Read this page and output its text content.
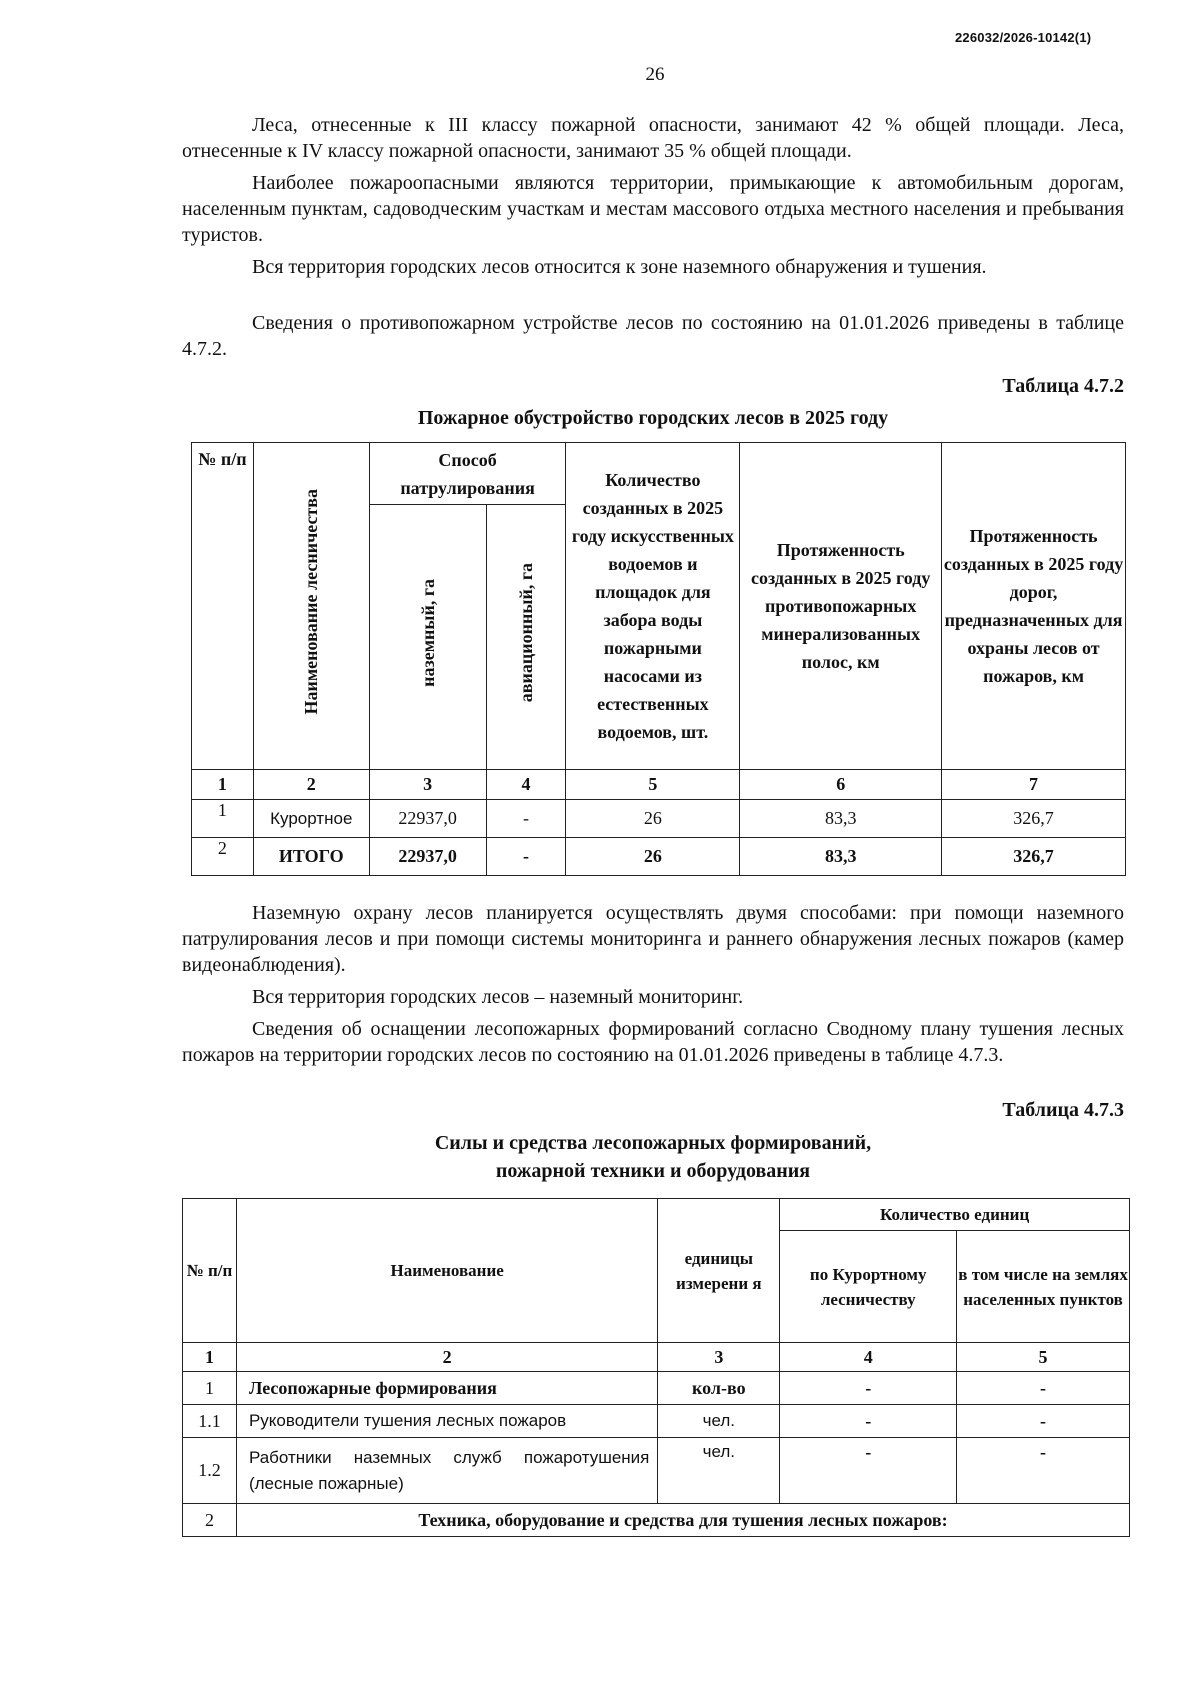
226032/2026-10142(1)
26

Леса, отнесенные к III классу пожарной опасности, занимают 42 % общей площади. Леса, отнесенные к IV классу пожарной опасности, занимают 35 % общей площади.

Наиболее пожароопасными являются территории, примыкающие к автомобильным дорогам, населенным пунктам, садоводческим участкам и местам массового отдыха местного населения и пребывания туристов.

Вся территория городских лесов относится к зоне наземного обнаружения и тушения.

Сведения о противопожарном устройстве лесов по состоянию на 01.01.2026 приведены в таблице 4.7.2.

Таблица 4.7.2
Пожарное обустройство городских лесов в 2025 году
№ п/п	Наименование лесничества	Способ патрулирования		Количество созданных в 2025 году искусственных водоемов и площадок для забора воды пожарными насосами из естественных водоемов, шт.	Протяженность созданных в 2025 году противопожарных минерализованных полос, км	Протяженность созданных в 2025 году дорог, предназначенных для охраны лесов от пожаров, км
		наземный, га	авиационный, га			
1	2	3	4	5	6	7
1	Курортное	22937,0	-	26	83,3	326,7
2	ИТОГО	22937,0	-	26	83,3	326,7

Наземную охрану лесов планируется осуществлять двумя способами: при помощи наземного патрулирования лесов и при помощи системы мониторинга и раннего обнаружения лесных пожаров (камер видеонаблюдения).

Вся территория городских лесов – наземный мониторинг.

Сведения об оснащении лесопожарных формирований согласно Сводному плану тушения лесных пожаров на территории городских лесов по состоянию на 01.01.2026 приведены в таблице 4.7.3.

Таблица 4.7.3
Силы и средства лесопожарных формирований,
пожарной техники и оборудования
№ п/п	Наименование	единицы измерени я	Количество единиц	
			по Курортному лесничеству	в том числе на землях населенных пунктов
1	2	3	4	5
1	Лесопожарные формирования	кол-во	-	-
1.1	Руководители тушения лесных пожаров	чел.	-	-
1.2	Работники наземных служб пожаротушения (лесные пожарные)	чел.	-	-
2	Техника, оборудование и средства для тушения лесных пожаров:			
